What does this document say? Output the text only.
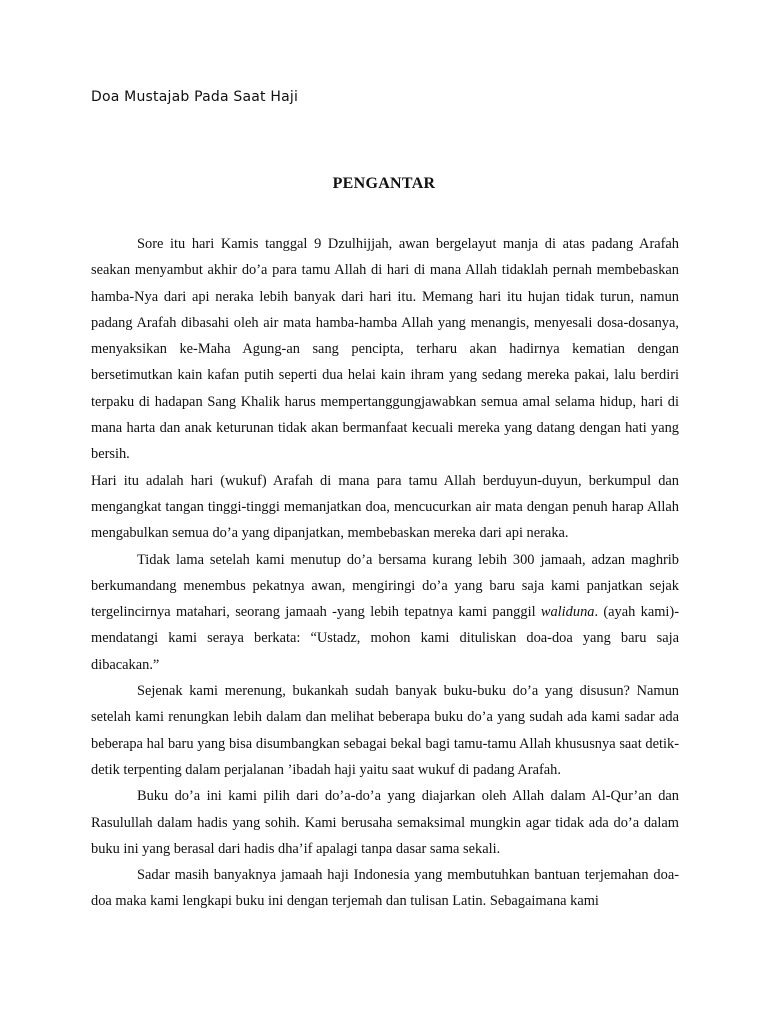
Doa Mustajab Pada Saat Haji
PENGANTAR

Sore itu hari Kamis tanggal 9 Dzulhijjah, awan bergelayut manja di atas padang Arafah seakan menyambut akhir do’a para tamu Allah di hari di mana Allah tidaklah pernah membebaskan hamba-Nya dari api neraka lebih banyak dari hari itu. Memang hari itu hujan tidak turun, namun padang Arafah dibasahi oleh air mata hamba-hamba Allah yang menangis, menyesali dosa-dosanya, menyaksikan ke-Maha Agung-an sang pencipta, terharu akan hadirnya kematian dengan bersetimutkan kain kafan putih seperti dua helai kain ihram yang sedang mereka pakai, lalu berdiri terpaku di hadapan Sang Khalik harus mempertanggungjawabkan semua amal selama hidup, hari di mana harta dan anak keturunan tidak akan bermanfaat kecuali mereka yang datang dengan hati yang bersih.

Hari itu adalah hari (wukuf) Arafah di mana para tamu Allah berduyun-duyun, berkumpul dan mengangkat tangan tinggi-tinggi memanjatkan doa, mencucurkan air mata dengan penuh harap Allah mengabulkan semua do’a yang dipanjatkan, membebaskan mereka dari api neraka.

Tidak lama setelah kami menutup do’a bersama kurang lebih 300 jamaah, adzan maghrib berkumandang menembus pekatnya awan, mengiringi do’a yang baru saja kami panjatkan sejak tergelincirnya matahari, seorang jamaah -yang lebih tepatnya kami panggil waliduna. (ayah kami)- mendatangi kami seraya berkata: “Ustadz, mohon kami dituliskan doa-doa yang baru saja dibacakan.”

Sejenak kami merenung, bukankah sudah banyak buku-buku do’a yang disusun? Namun setelah kami renungkan lebih dalam dan melihat beberapa buku do’a yang sudah ada kami sadar ada beberapa hal baru yang bisa disumbangkan sebagai bekal bagi tamu-tamu Allah khususnya saat detik-detik terpenting dalam perjalanan ’ibadah haji yaitu saat wukuf di padang Arafah.

Buku do’a ini kami pilih dari do’a-do’a yang diajarkan oleh Allah dalam Al-Qur’an dan Rasulullah dalam hadis yang sohih. Kami berusaha semaksimal mungkin agar tidak ada do’a dalam buku ini yang berasal dari hadis dha’if apalagi tanpa dasar sama sekali.

Sadar masih banyaknya jamaah haji Indonesia yang membutuhkan bantuan terjemahan doa-doa maka kami lengkapi buku ini dengan terjemah dan tulisan Latin. Sebagaimana kami
